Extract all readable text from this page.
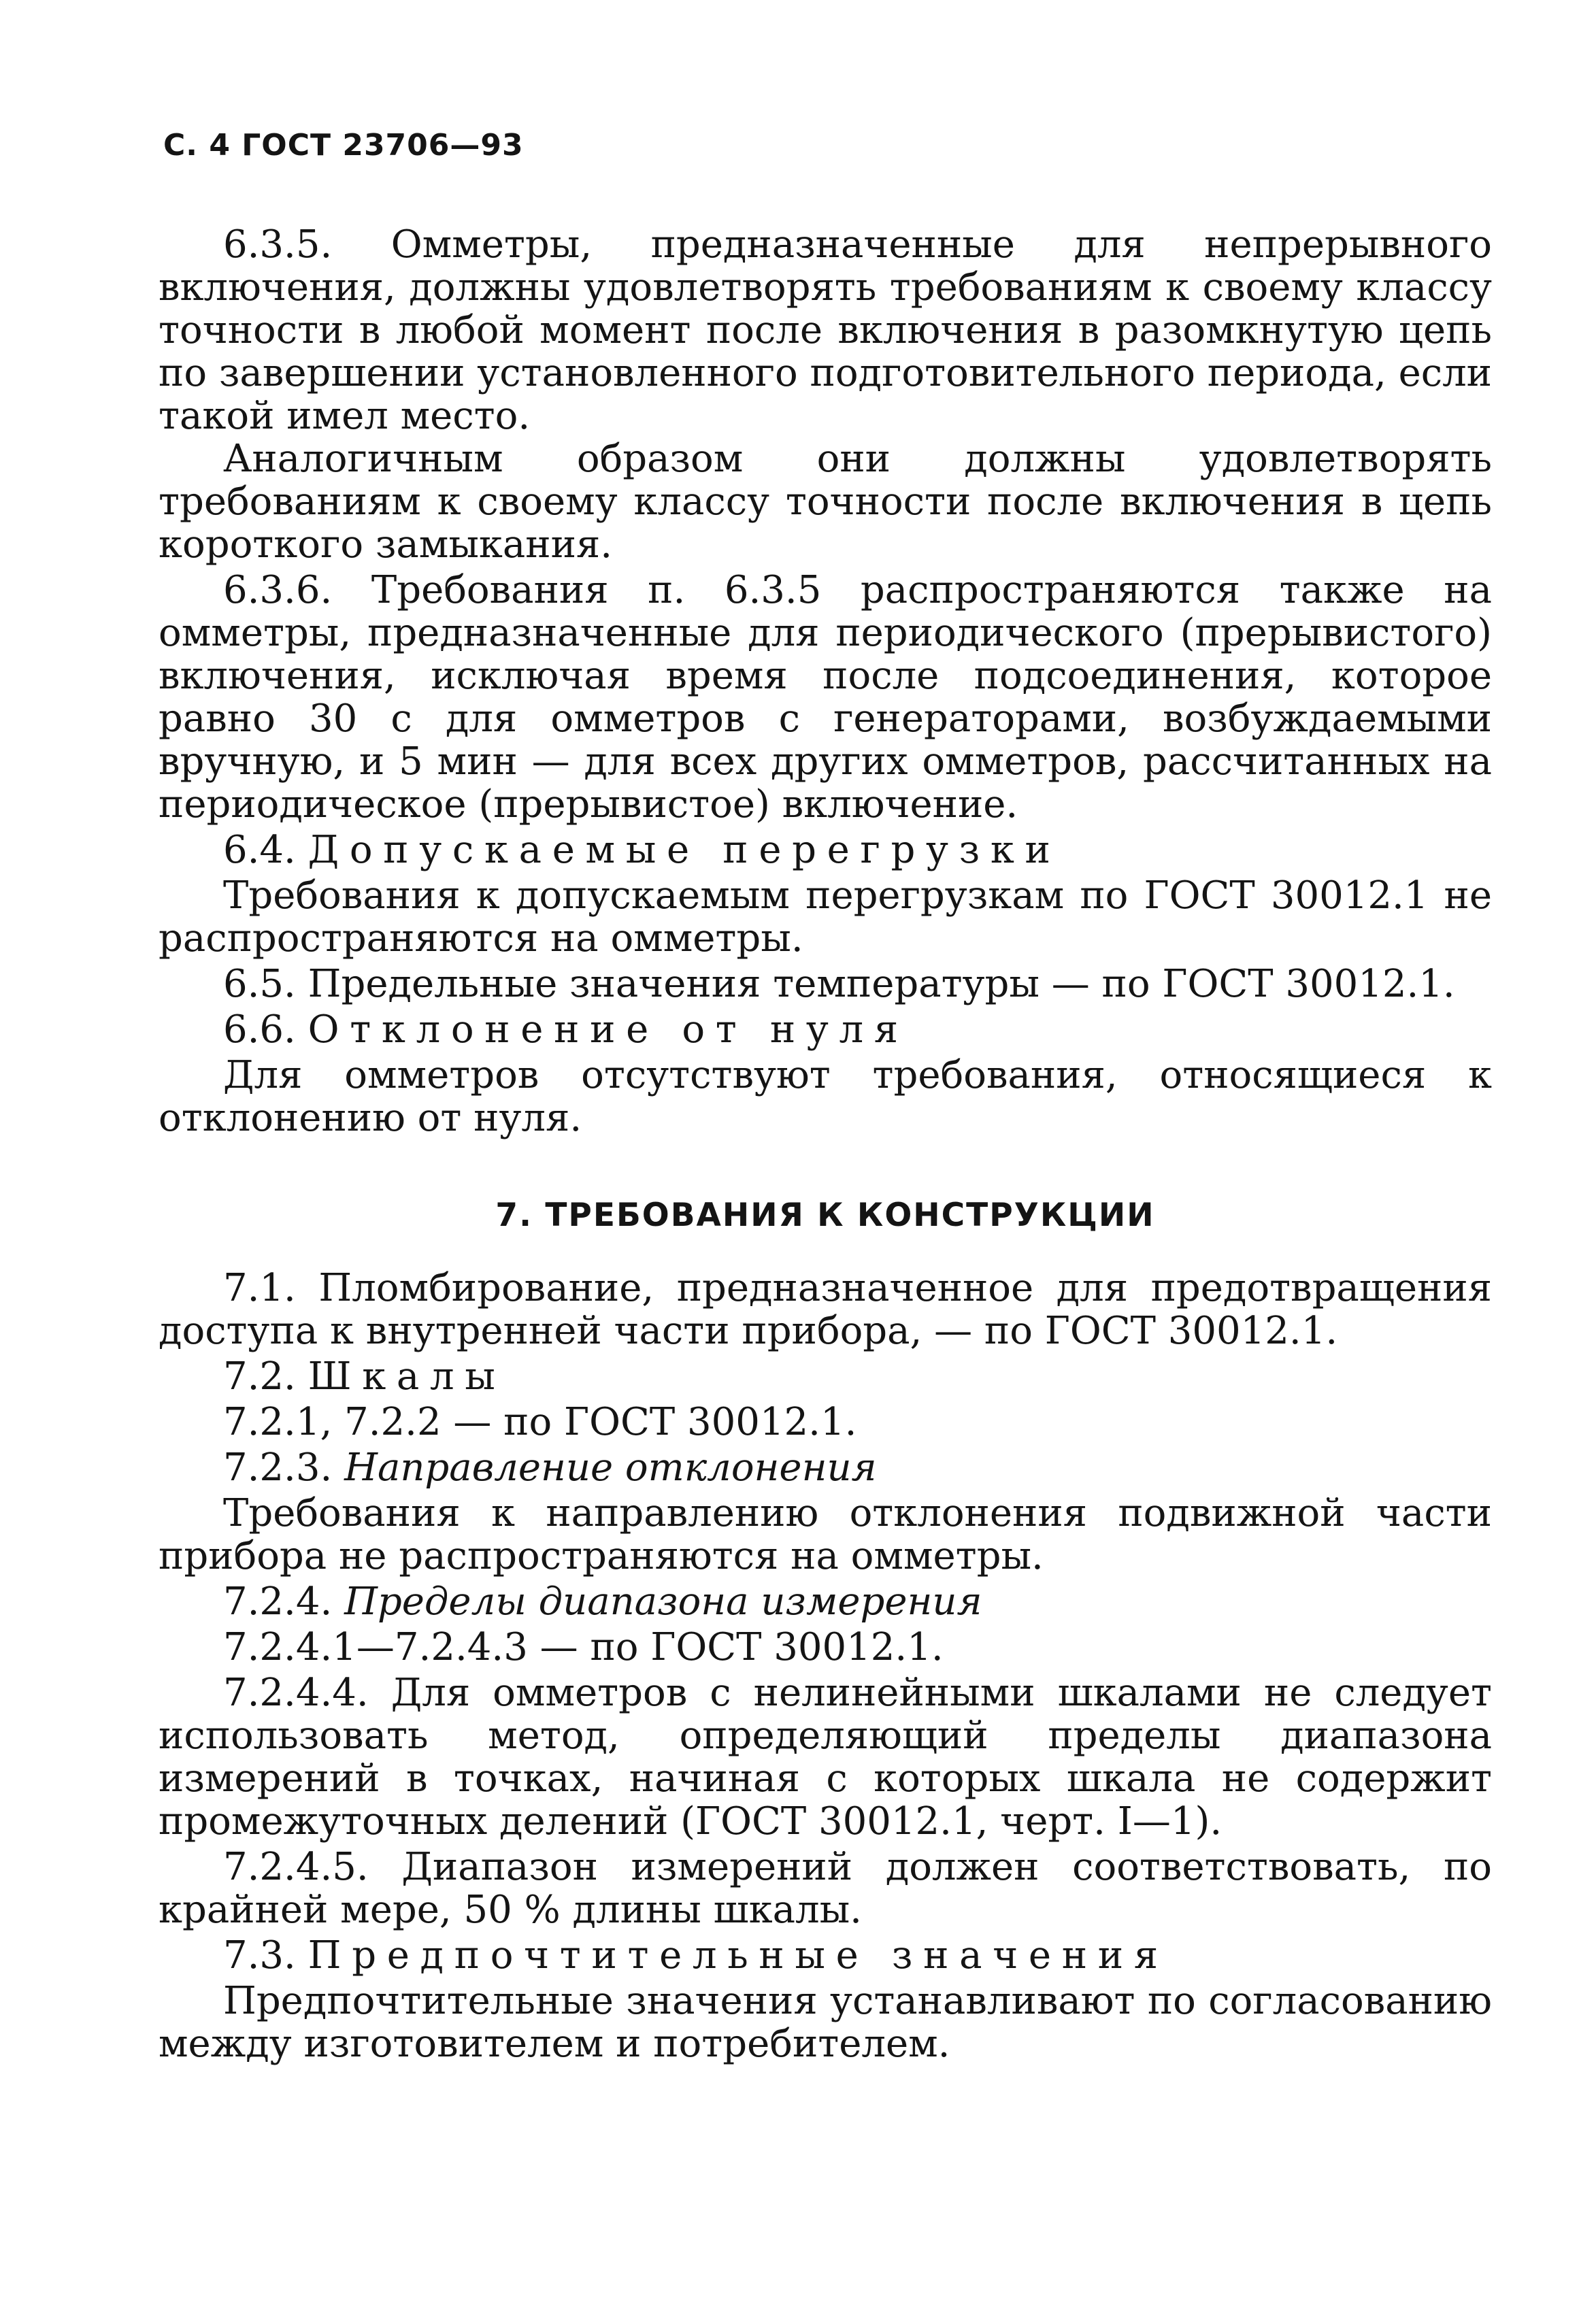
С. 4 ГОСТ 23706—93

6.3.5. Омметры, предназначенные для непрерывного включения, должны удовлетворять требованиям к своему классу точности в любой момент после включения в разомкнутую цепь по завершении установленного подготовительного периода, если такой имел место.

Аналогичным образом они должны удовлетворять требованиям к своему классу точности после включения в цепь короткого замыкания.

6.3.6. Требования п. 6.3.5 распространяются также на омметры, предназначенные для периодического (прерывистого) включения, исключая время после подсоединения, которое равно 30 с для омметров с генераторами, возбуждаемыми вручную, и 5 мин — для всех других омметров, рассчитанных на периодическое (прерывистое) включение.

6.4. Допускаемые перегрузки

Требования к допускаемым перегрузкам по ГОСТ 30012.1 не распространяются на омметры.

6.5. Предельные значения температуры — по ГОСТ 30012.1.

6.6. Отклонение от нуля

Для омметров отсутствуют требования, относящиеся к отклонению от нуля.

7. ТРЕБОВАНИЯ К КОНСТРУКЦИИ

7.1. Пломбирование, предназначенное для предотвращения доступа к внутренней части прибора, — по ГОСТ 30012.1.

7.2. Шкалы

7.2.1, 7.2.2 — по ГОСТ 30012.1.

7.2.3. Направление отклонения

Требования к направлению отклонения подвижной части прибора не распространяются на омметры.

7.2.4. Пределы диапазона измерения

7.2.4.1—7.2.4.3 — по ГОСТ 30012.1.

7.2.4.4. Для омметров с нелинейными шкалами не следует использовать метод, определяющий пределы диапазона измерений в точках, начиная с которых шкала не содержит промежуточных делений (ГОСТ 30012.1, черт. I—1).

7.2.4.5. Диапазон измерений должен соответствовать, по крайней мере, 50 % длины шкалы.

7.3. Предпочтительные значения

Предпочтительные значения устанавливают по согласованию между изготовителем и потребителем.
